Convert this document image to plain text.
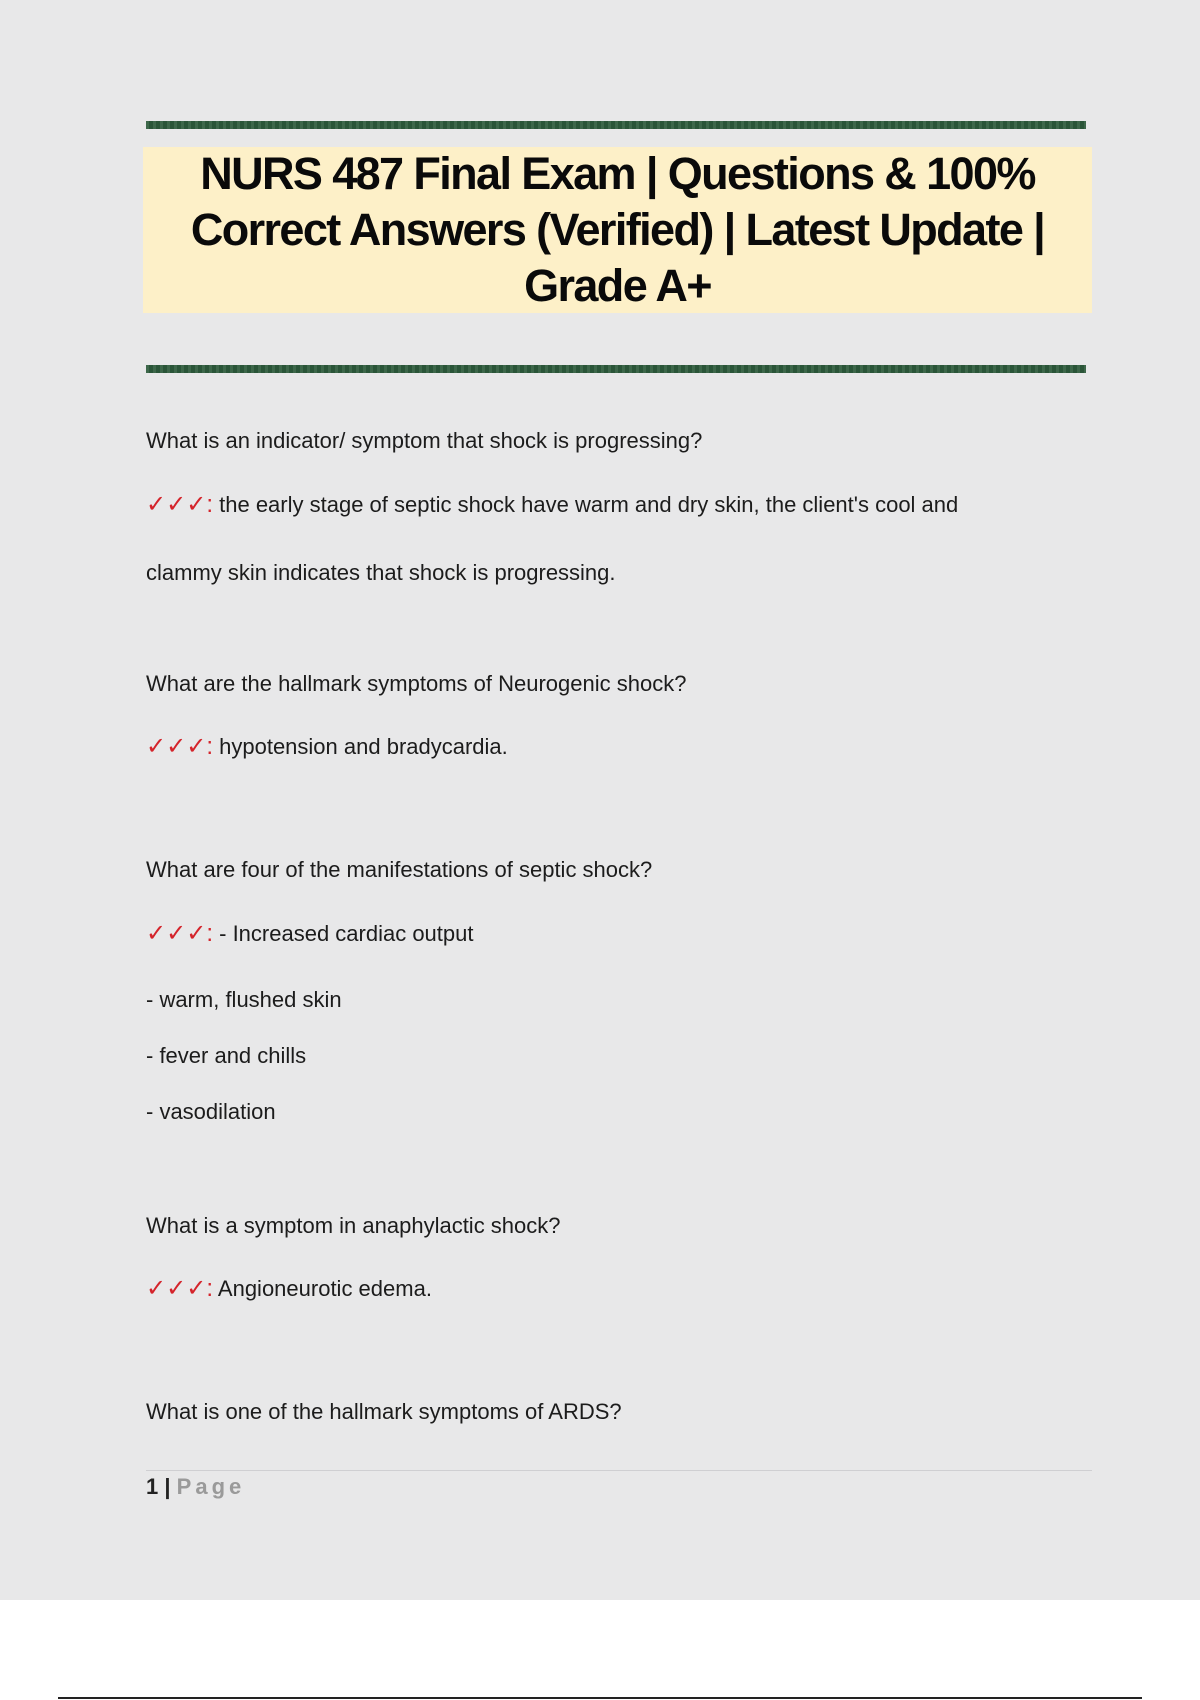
NURS 487 Final Exam | Questions & 100% Correct Answers (Verified) | Latest Update | Grade A+
What is an indicator/ symptom that shock is progressing?
✓✓✓: the early stage of septic shock have warm and dry skin, the client's cool and
clammy skin indicates that shock is progressing.
What are the hallmark symptoms of Neurogenic shock?
✓✓✓: hypotension and bradycardia.
What are four of the manifestations of septic shock?
✓✓✓: - Increased cardiac output
- warm, flushed skin
- fever and chills
- vasodilation
What is a symptom in anaphylactic shock?
✓✓✓: Angioneurotic edema.
What is one of the hallmark symptoms of ARDS?
1 | Page
